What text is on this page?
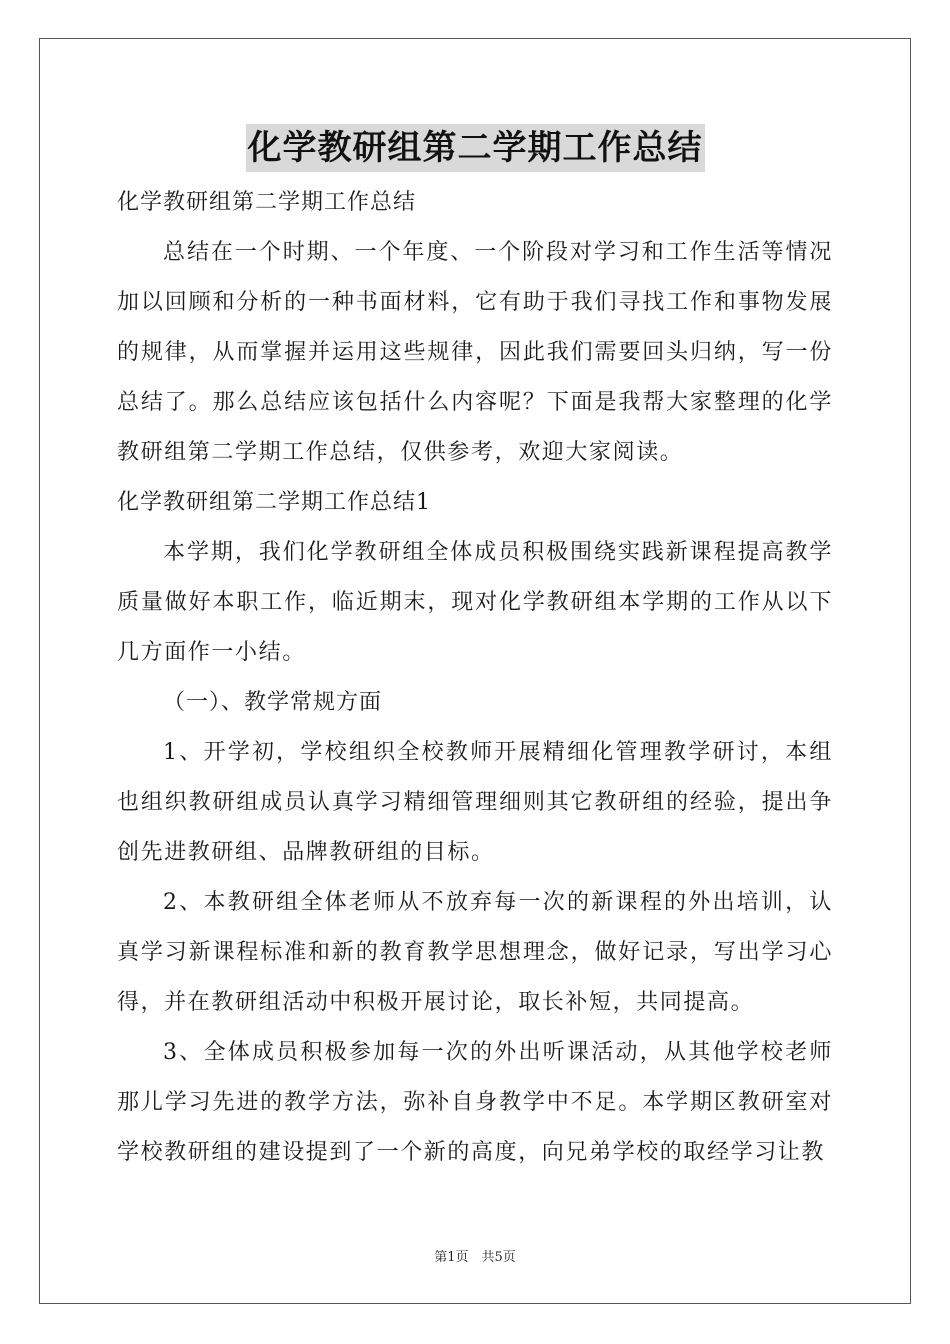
化学教研组第二学期工作总结

化学教研组第二学期工作总结

总结在一个时期、一个年度、一个阶段对学习和工作生活等情况加以回顾和分析的一种书面材料，它有助于我们寻找工作和事物发展的规律，从而掌握并运用这些规律，因此我们需要回头归纳，写一份总结了。那么总结应该包括什么内容呢？下面是我帮大家整理的化学教研组第二学期工作总结，仅供参考，欢迎大家阅读。

化学教研组第二学期工作总结1

本学期，我们化学教研组全体成员积极围绕实践新课程提高教学质量做好本职工作，临近期末，现对化学教研组本学期的工作从以下几方面作一小结。

（一）、教学常规方面

1、开学初，学校组织全校教师开展精细化管理教学研讨，本组也组织教研组成员认真学习精细管理细则其它教研组的经验，提出争创先进教研组、品牌教研组的目标。

2、本教研组全体老师从不放弃每一次的新课程的外出培训，认真学习新课程标准和新的教育教学思想理念，做好记录，写出学习心得，并在教研组活动中积极开展讨论，取长补短，共同提高。

3、全体成员积极参加每一次的外出听课活动，从其他学校老师那儿学习先进的教学方法，弥补自身教学中不足。本学期区教研室对学校教研组的建设提到了一个新的高度，向兄弟学校的取经学习让教

第1页　共5页
